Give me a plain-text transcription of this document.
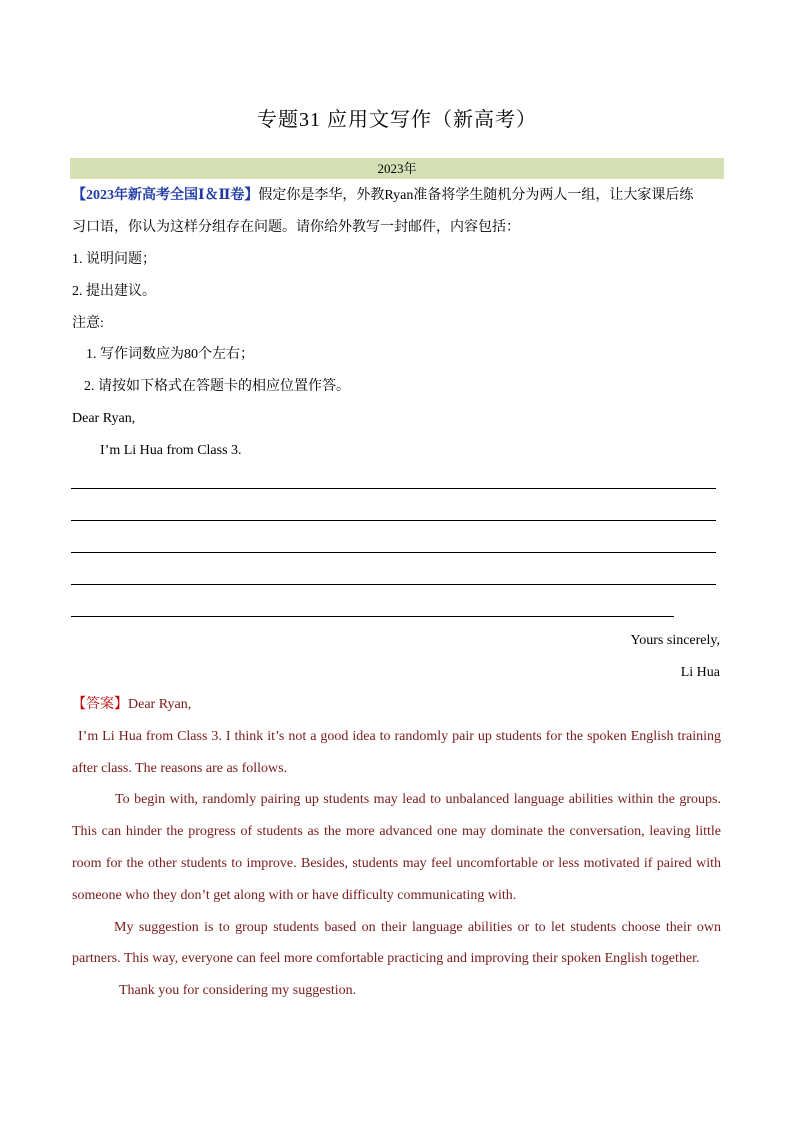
专题31 应用文写作（新高考）
2023年
【2023年新高考全国Ⅰ＆Ⅱ卷】假定你是李华，外教Ryan准备将学生随机分为两人一组，让大家课后练
习口语，你认为这样分组存在问题。请你给外教写一封邮件，内容包括：
1. 说明问题；
2. 提出建议。
注意:
1. 写作词数应为80个左右；
2. 请按如下格式在答题卡的相应位置作答。
Dear Ryan,
I’m Li Hua from Class 3.
Yours sincerely,
Li Hua
【答案】Dear Ryan,
I’m Li Hua from Class 3. I think it’s not a good idea to randomly pair up students for the spoken English training
after class. The reasons are as follows.
To begin with, randomly pairing up students may lead to unbalanced language abilities within the groups.
This can hinder the progress of students as the more advanced one may dominate the conversation, leaving little
room for the other students to improve. Besides, students may feel uncomfortable or less motivated if paired with
someone who they don’t get along with or have difficulty communicating with.
My suggestion is to group students based on their language abilities or to let students choose their own
partners. This way, everyone can feel more comfortable practicing and improving their spoken English together.
Thank you for considering my suggestion.
